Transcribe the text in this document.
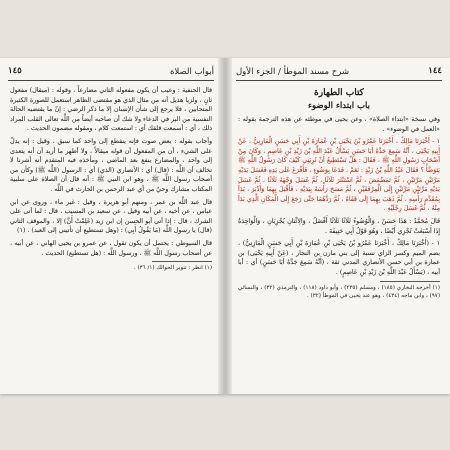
١٤٥	أبواب الصلاة

قال الحنفية : وعيب أن يكون مفعوله الثاني مضارعاً ، وقوله : (ميقال) مفعول ثانٍ ، ولزيا هذيل أنه من مثال الذي هو مقتضى الظاهر استعمل للصورة الكثيرة المتحابين ، فلا يرجع إلى شأن الإنسان إلا ما ذكر الرضي : إنّ ما يقتضيه الحالة النفسية من البر في الدعاء ولا شك أن صاحبه أيضاً من اللَّه تعالى القلب المراد ذلك ، أي : أسمعت قلقك أي : استمعت كلام ، ومقوله مضمون الحديث .

وأجاب بقوله : بعض صوت فإنه ينقطع إلى واحد كما سبق ، وقيل : إنه يدلّ على الشيء ، أن من المفعول أن قوله ميقالاً ، ولا أظهر ما أريد أن أنه يتعدى إلى واحد ، والمضارع ينفع بعد الماضي ، ومأخذه فيه المتقدم أنه أشرنا لا تخالف أن اللَّه : (قال) أي : الأنصاري (الذي) أي : الرسول (اللَّه ﷺ) وكأن من أصحاب رسول اللَّه ﷺ ، وهو ابن النبي ﷺ : أنه قال أن الصلاة على سلبية المكتاب مشارك وحيٌ من أي عبد الرحمن بن الحارث في اللَّه .

قال عبد اللَّه بن عمر ، ومنهم أبو هريرة ، وقيل : غير ماء ، وروى عن ابن عباس ، عن أخيه ، عن أبيه وقيل ، عن سعيد بن المسيب ، قال : لما أتى على الشرك ، قال : إذا أتى أبو الحسن إن ابن زيد (عَلِمْتُ أَنَّ) إلا ، والموقف الثاني (قال) يا رسول اللَّه (مَا يَقُولُ أَبِي) : (وهل تستطيع أن تأتيني إلى العبد) . (١)

قال السيوطي : يحتمل أن يكون تقول ، عن عمرو بن يحيى الهاني ، عن أبيه ، عن أصحاب رسول اللَّه ﷺ ، ورسول اللَّه : (هل تستطيع) الحديث .

(١) انظر : تنوير الحوالك (١/ ٣٦) .

١٤٤
شرح مسند الموطأ / الجزء الأول
كتاب الطهارة
باب ابتداء الوضوء

وفي نسخة «ابتداء الصلاة» ، وعن يحيى في موطئه عن هذه الترجمة بقوله : «العمل في الوضوء» .

١ - أَخْبَرَنَا مَالِكٌ ، أَخْبَرَنَا عَمْرُو بْنُ يَحْيَى بْنِ عُمَارَةَ بْنِ أَبِي حَسَنٍ الْمَازِنِيُّ ، عَنْ أَبِيهِ يَحْيَى ، أَنَّهُ سَمِعَ جَدَّهُ أَبَا حَسَنٍ يَسْأَلُ عَبْدَ اللَّهِ بْنَ زَيْدِ بْنِ عَاصِمٍ ، وَكَانَ مِنْ أَصْحَابِ رَسُولِ اللَّهِ ﷺ ، فَقَالَ : هَلْ تَسْتَطِيعُ أَنْ تُرِيَنِي كَيْفَ كَانَ رَسُولُ اللَّهِ ﷺ يَتَوَضَّأُ ؟ فَقَالَ عَبْدُ اللَّهِ بْنُ زَيْدٍ : نَعَمْ ، فَدَعَا بِوَضُوءٍ ، فَأَفْرَغَ عَلَى يَدِهِ فَغَسَلَ يَدَيْهِ مَرَّتَيْنِ مَرَّتَيْنِ ، ثُمَّ تَمَضْمَضَ ، ثُمَّ اسْتَنْثَرَ ثَلَاثًا ، ثُمَّ غَسَلَ وَجْهَهُ ثَلَاثًا ، ثُمَّ غَسَلَ يَدَيْهِ مَرَّتَيْنِ مَرَّتَيْنِ إِلَى الْمِرْفَقَيْنِ ، ثُمَّ مَسَحَ رَأْسَهُ بِيَدَيْهِ ، فَأَقْبَلَ بِهِمَا وَأَدْبَرَ ، بَدَأَ بِمُقَدَّمِ رَأْسِهِ ، ثُمَّ ذَهَبَ بِهِمَا إِلَى قَفَاهُ ، ثُمَّ رَدَّهُمَا حَتَّى رَجَعَ إِلَى الْمَكَانِ الَّذِي بَدَأَ مِنْهُ ، ثُمَّ غَسَلَ رِجْلَيْهِ .

قَالَ مُحَمَّدٌ : هَذَا حَسَنٌ ، وَالْوُضُوءُ ثَلَاثًا ثَلَاثًا أَفْضَلُ ، وَالِاثْنَانِ يُجْزِيَانِ ، وَالْوَاحِدَةُ إِذَا أَسْبَغَتْ تُجْزِي أَيْضًا ، وَهُوَ قَوْلُ أَبِي حَنِيفَةَ .

١ - (أَخْبَرَنَا مَالِكٌ ، أَخْبَرَنَا عَمْرُو بْنُ يَحْيَى بْنِ عُمَارَةَ بْنِ أَبِي حَسَنٍ الْمَازِنِيُّ) ، بضم الميم وكسر الزاي نسبة إلى بني مازن بن النجار ، (عَنْ أَبِيهِ يَحْيَى) بن عمارة بن أبي حسن الأنصاري المدني ثقة ، (أَنَّهُ سَمِعَ جَدَّهُ أَبَا حَسَنٍ) أي : أبا أبيه ، (يَسْأَلُ عَبْدَ اللَّهِ بْنَ زَيْدِ بْنِ عَاصِمٍ) .

(١) أخرجه البخاري (١٨٥) ، ومسلم (٢٣٥) ، وأبو داود (١١٨) ، والترمذي (٣٢) ، والنسائي (٩٧) ، وابن ماجه (٤٣٤) ، وهو عند يحيى في الموطأ (٣٢) .
